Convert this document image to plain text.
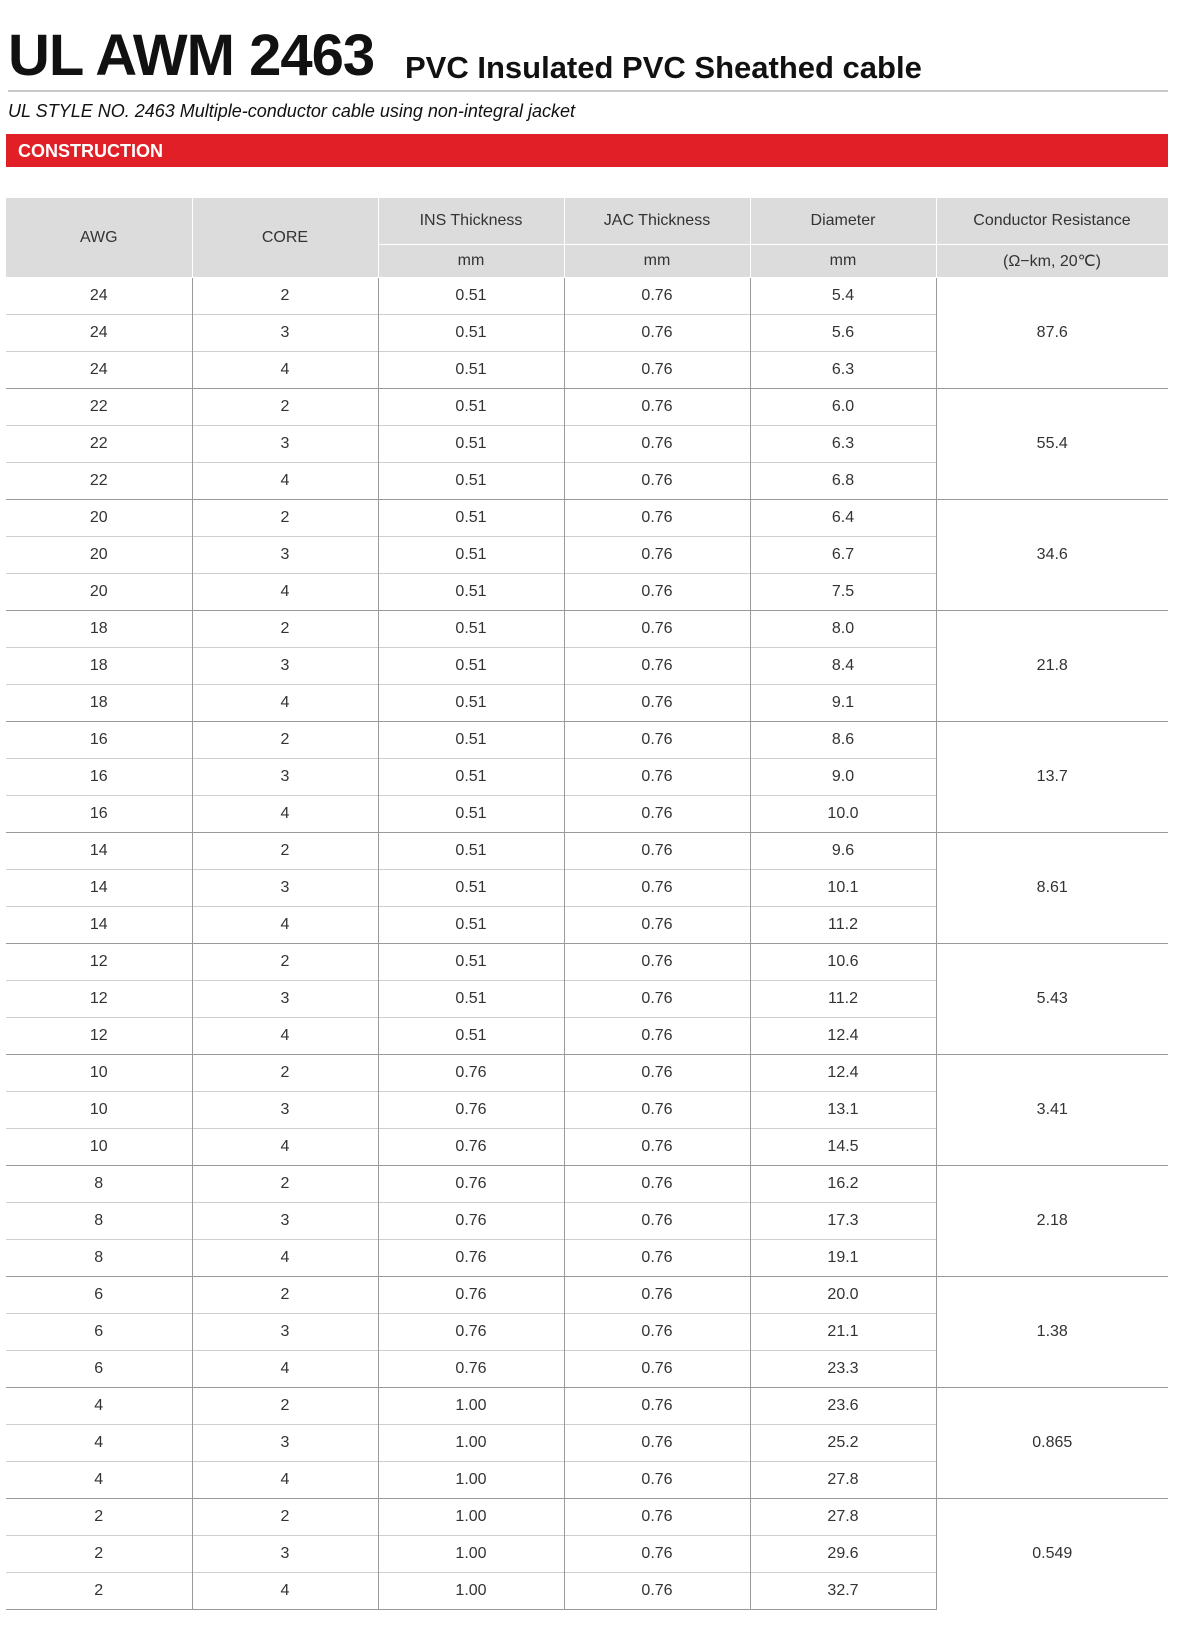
UL AWM 2463 PVC Insulated PVC Sheathed cable
UL STYLE NO. 2463 Multiple-conductor cable using non-integral jacket
CONSTRUCTION
AWG	CORE	INS Thickness	JAC Thickness	Diameter	Conductor Resistance
		mm	mm	mm	(Ω−km, 20℃)
24	2	0.51	0.76	5.4	87.6
24	3	0.51	0.76	5.6	
24	4	0.51	0.76	6.3	
22	2	0.51	0.76	6.0	55.4
22	3	0.51	0.76	6.3	
22	4	0.51	0.76	6.8	
20	2	0.51	0.76	6.4	34.6
20	3	0.51	0.76	6.7	
20	4	0.51	0.76	7.5	
18	2	0.51	0.76	8.0	21.8
18	3	0.51	0.76	8.4	
18	4	0.51	0.76	9.1	
16	2	0.51	0.76	8.6	13.7
16	3	0.51	0.76	9.0	
16	4	0.51	0.76	10.0	
14	2	0.51	0.76	9.6	8.61
14	3	0.51	0.76	10.1	
14	4	0.51	0.76	11.2	
12	2	0.51	0.76	10.6	5.43
12	3	0.51	0.76	11.2	
12	4	0.51	0.76	12.4	
10	2	0.76	0.76	12.4	3.41
10	3	0.76	0.76	13.1	
10	4	0.76	0.76	14.5	
8	2	0.76	0.76	16.2	2.18
8	3	0.76	0.76	17.3	
8	4	0.76	0.76	19.1	
6	2	0.76	0.76	20.0	1.38
6	3	0.76	0.76	21.1	
6	4	0.76	0.76	23.3	
4	2	1.00	0.76	23.6	0.865
4	3	1.00	0.76	25.2	
4	4	1.00	0.76	27.8	
2	2	1.00	0.76	27.8	0.549
2	3	1.00	0.76	29.6	
2	4	1.00	0.76	32.7	
